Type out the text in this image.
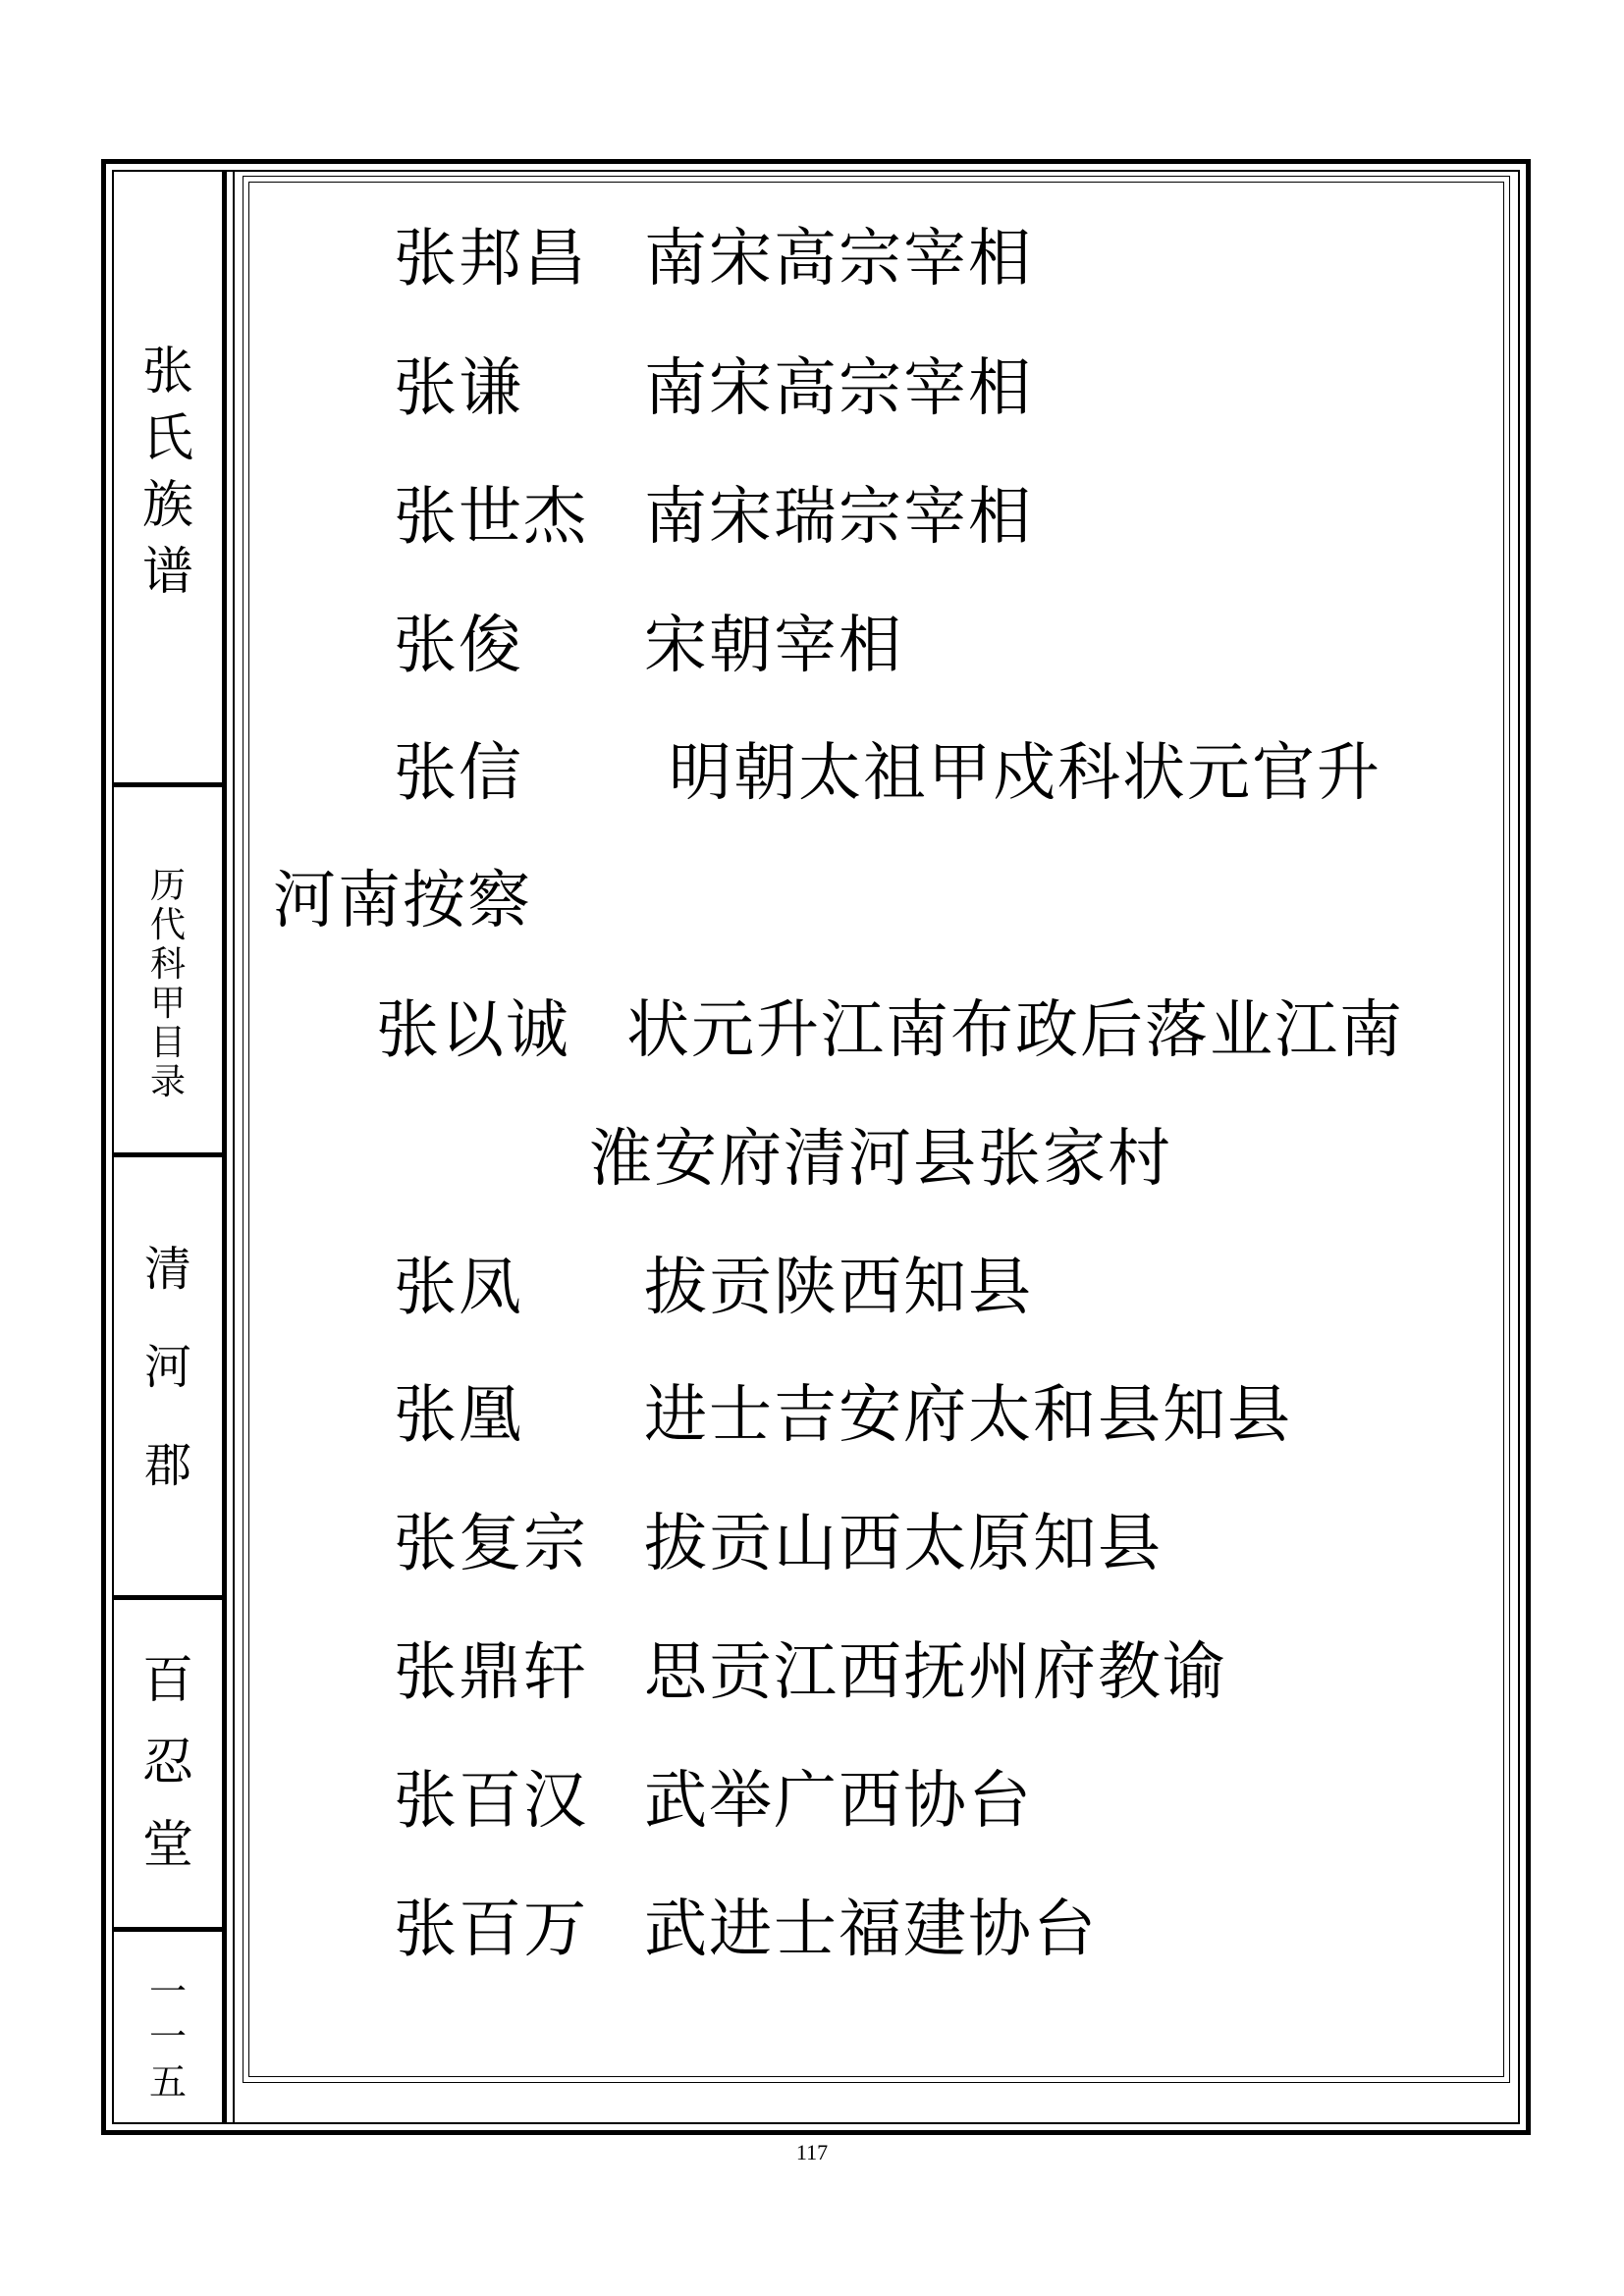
张
氏
族
谱
历
代
科
甲
目
录
清
河
郡
百
忍
堂
一
一
五
张邦昌 南宋高宗宰相
张谦 南宋高宗宰相
张世杰 南宋瑞宗宰相
张俊 宋朝宰相
张信 明朝太祖甲戍科状元官升
河南按察
张以诚 状元升江南布政后落业江南
淮安府清河县张家村
张凤 拔贡陕西知县
张凰 进士吉安府太和县知县
张复宗 拔贡山西太原知县
张鼎轩 思贡江西抚州府教谕
张百汉 武举广西协台
张百万 武进士福建协台
117
